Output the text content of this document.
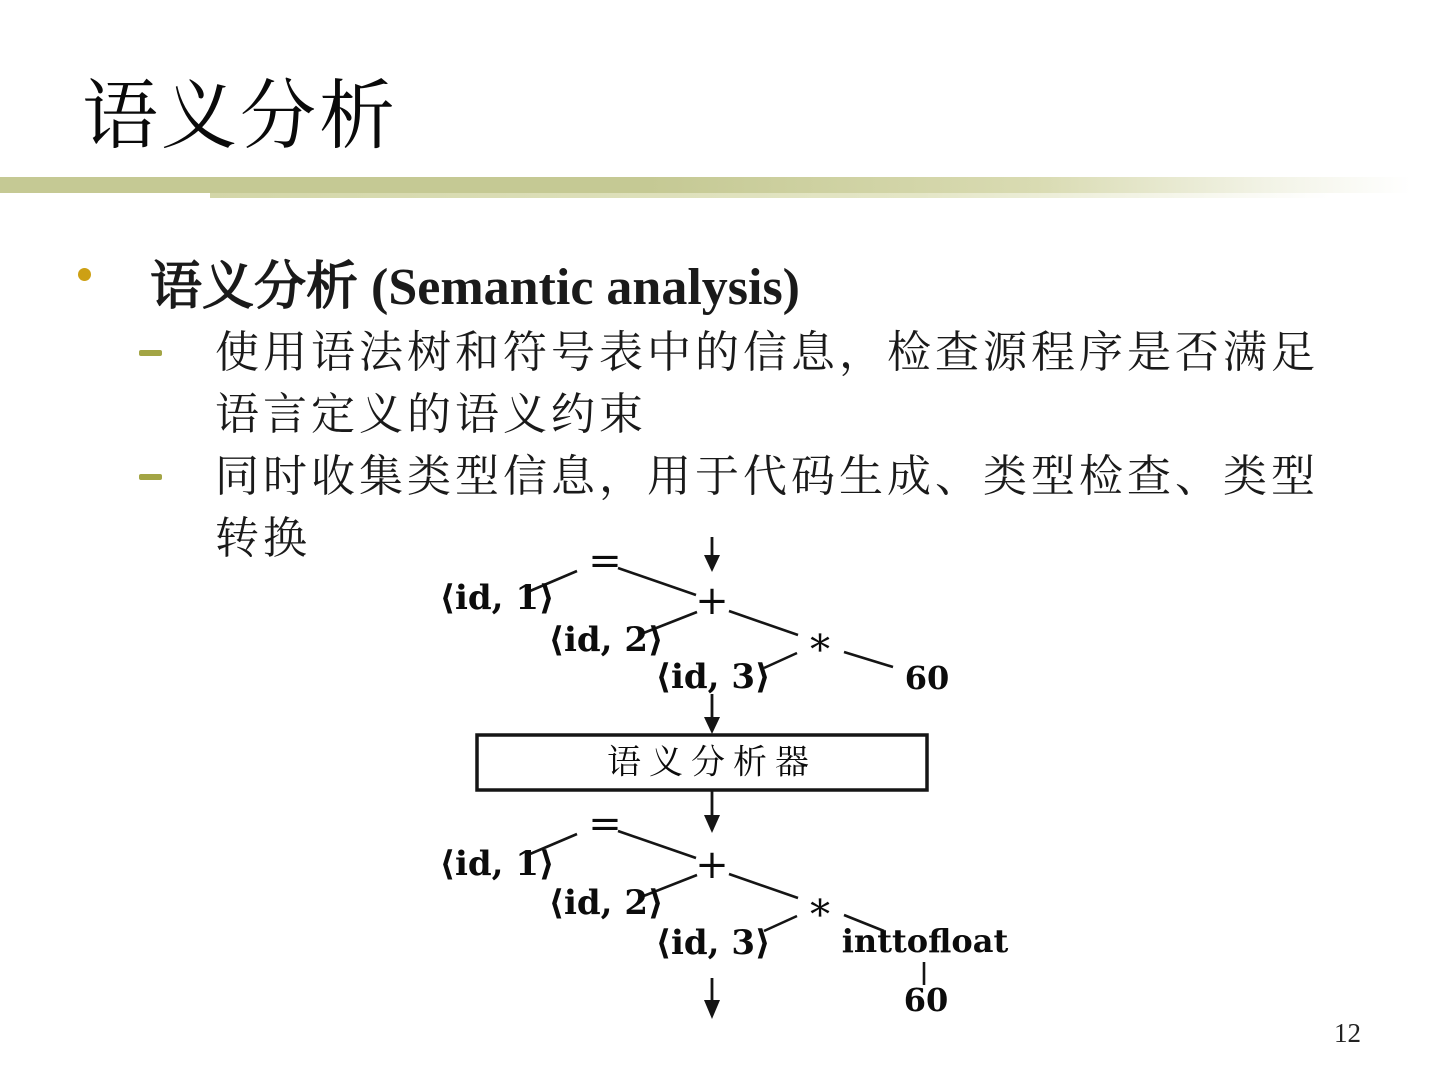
语义分析
语义分析 (Semantic analysis)
使用语法树和符号表中的信息，检查源程序是否满足语言定义的语义约束
同时收集类型信息，用于代码生成、类型检查、类型转换	=
⟨id, 1⟩	+
⟨id, 2⟩	∗
⟨id, 3⟩	60
语义分析器
=
⟨id, 1⟩	+
⟨id, 2⟩	∗
⟨id, 3⟩ inttofloat
60
12
